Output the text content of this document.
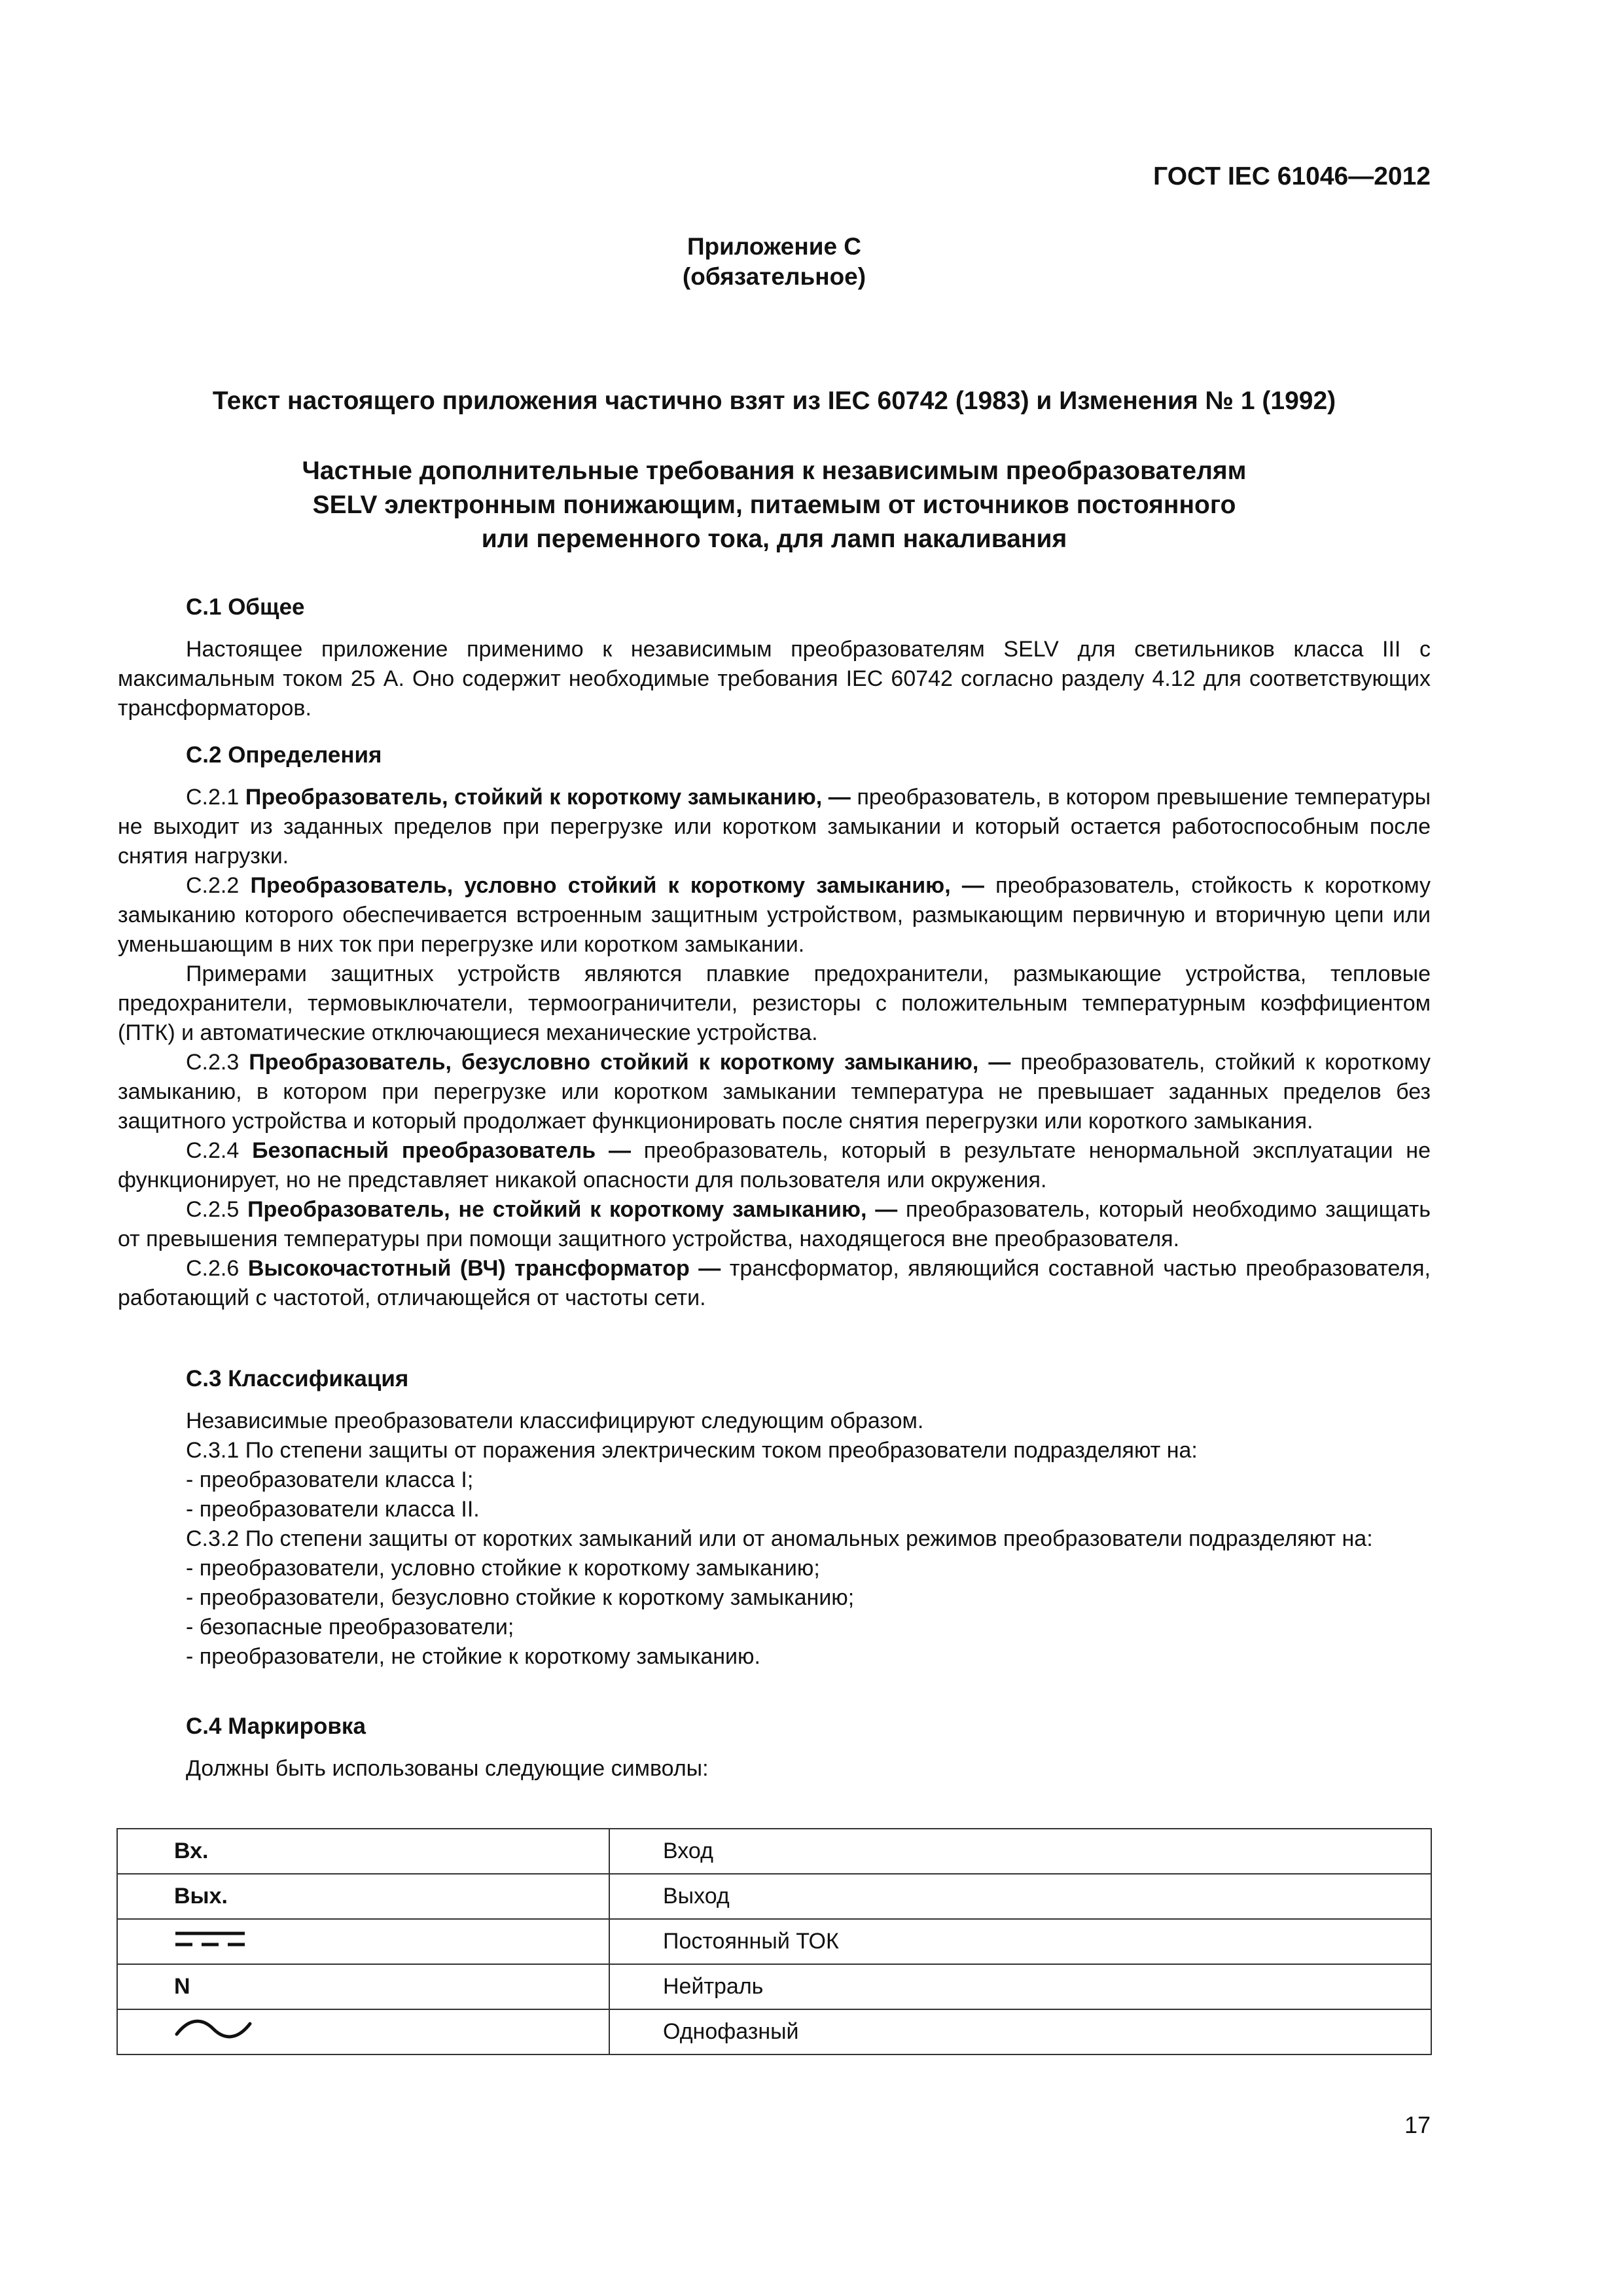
ГОСТ IEC 61046—2012
Приложение С
(обязательное)
Текст настоящего приложения частично взят из IEC 60742 (1983) и Изменения № 1 (1992)
Частные дополнительные требования к независимым преобразователям
SELV электронным понижающим, питаемым от источников постоянного
или переменного тока, для ламп накаливания
С.1 Общее

Настоящее приложение применимо к независимым преобразователям SELV для светильников класса III с максимальным током 25 А. Оно содержит необходимые требования IEC 60742 согласно разделу 4.12 для соответствующих трансформаторов.

С.2 Определения

С.2.1 Преобразователь, стойкий к короткому замыканию, — преобразователь, в котором превышение температуры не выходит из заданных пределов при перегрузке или коротком замыкании и который остается работоспособным после снятия нагрузки.

С.2.2 Преобразователь, условно стойкий к короткому замыканию, — преобразователь, стойкость к короткому замыканию которого обеспечивается встроенным защитным устройством, размыкающим первичную и вторичную цепи или уменьшающим в них ток при перегрузке или коротком замыкании.

Примерами защитных устройств являются плавкие предохранители, размыкающие устройства, тепловые предохранители, термовыключатели, термоограничители, резисторы с положительным температурным коэффициентом (ПТК) и автоматические отключающиеся механические устройства.

С.2.3 Преобразователь, безусловно стойкий к короткому замыканию, — преобразователь, стойкий к короткому замыканию, в котором при перегрузке или коротком замыкании температура не превышает заданных пределов без защитного устройства и который продолжает функционировать после снятия перегрузки или короткого замыкания.

С.2.4 Безопасный преобразователь — преобразователь, который в результате ненормальной эксплуатации не функционирует, но не представляет никакой опасности для пользователя или окружения.

С.2.5 Преобразователь, не стойкий к короткому замыканию, — преобразователь, который необходимо защищать от превышения температуры при помощи защитного устройства, находящегося вне преобразователя.

С.2.6 Высокочастотный (ВЧ) трансформатор — трансформатор, являющийся составной частью преобразователя, работающий с частотой, отличающейся от частоты сети.

С.3 Классификация

Независимые преобразователи классифицируют следующим образом.

С.3.1 По степени защиты от поражения электрическим током преобразователи подразделяют на:

- преобразователи класса I;

- преобразователи класса II.

С.3.2 По степени защиты от коротких замыканий или от аномальных режимов преобразователи подразделяют на:

- преобразователи, условно стойкие к короткому замыканию;

- преобразователи, безусловно стойкие к короткому замыканию;

- безопасные преобразователи;

- преобразователи, не стойкие к короткому замыканию.

С.4 Маркировка

Должны быть использованы следующие символы:

Вх.	Вход
Вых.	Выход
	Постоянный ТОК
N	Нейтраль
	Однофазный
17
